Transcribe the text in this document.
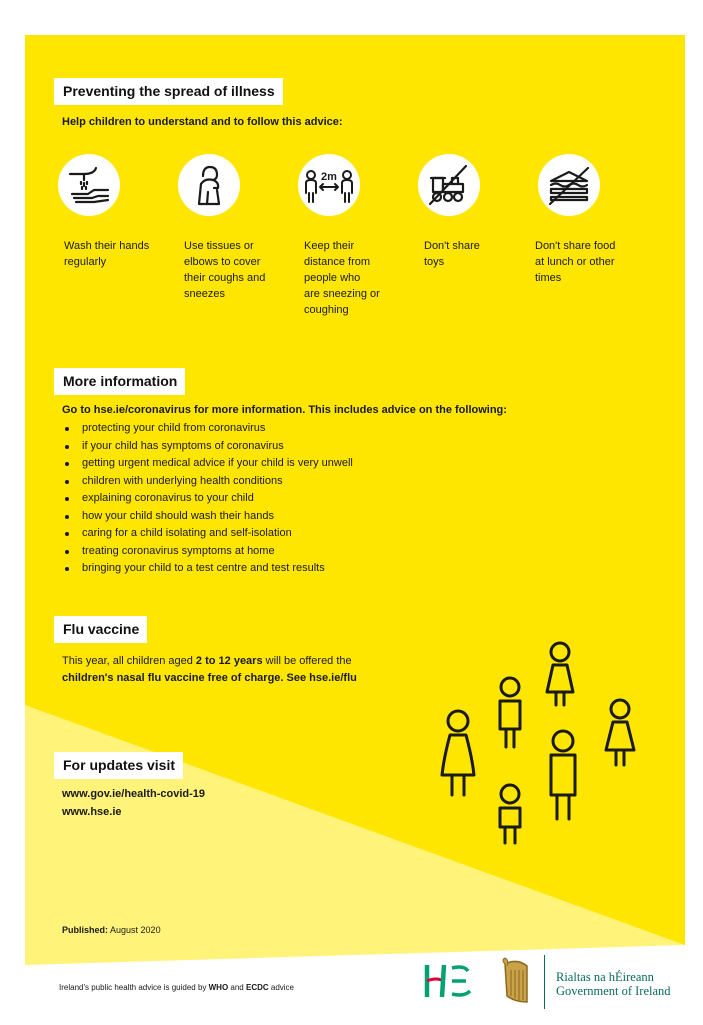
Preventing the spread of illness
Help children to understand and to follow this advice:
2m
Wash their hands
regularly
Use tissues or
elbows to cover
their coughs and
sneezes
Keep their
distance from
people who
are sneezing or
coughing
Don't share
toys
Don't share food
at lunch or other
times
More information
Go to hse.ie/coronavirus for more information. This includes advice on the following:
protecting your child from coronavirus
if your child has symptoms of coronavirus
getting urgent medical advice if your child is very unwell
children with underlying health conditions
explaining coronavirus to your child
how your child should wash their hands
caring for a child isolating and self-isolation
treating coronavirus symptoms at home
bringing your child to a test centre and test results
Flu vaccine
This year, all children aged 2 to 12 years will be offered the
children's nasal flu vaccine free of charge. See hse.ie/flu
For updates visit
www.gov.ie/health-covid-19
www.hse.ie
Published: August 2020
Ireland's public health advice is guided by WHO and ECDC advice
Rialtas na hÉireann
Government of Ireland
